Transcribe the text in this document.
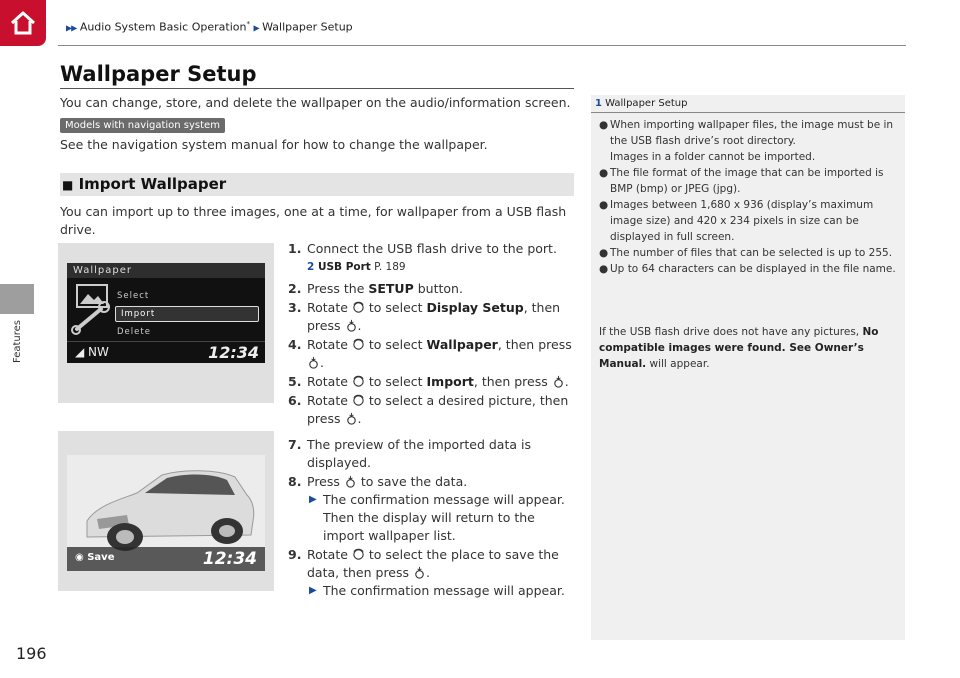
▶▶ Audio System Basic Operation* ▶ Wallpaper Setup
Features
196
Wallpaper Setup
You can change, store, and delete the wallpaper on the audio/information screen.
Models with navigation system
See the navigation system manual for how to change the wallpaper.
■ Import Wallpaper
You can import up to three images, one at a time, for wallpaper from a USB flash drive.
Wallpaper
Select
Import
Delete
◢ NW	12:34
◉ Save	12:34
1. Connect the USB flash drive to the port.
2 USB Port P. 189
2. Press the SETUP button.
3. Rotate  to select Display Setup, then press .
4. Rotate  to select Wallpaper, then press .
5. Rotate  to select Import, then press .
6. Rotate  to select a desired picture, then press .
7. The preview of the imported data is displayed.
8. Press  to save the data.
▶ The confirmation message will appear. Then the display will return to the import wallpaper list.
9. Rotate  to select the place to save the data, then press .
▶ The confirmation message will appear.
1 Wallpaper Setup
● When importing wallpaper files, the image must be in the USB flash drive’s root directory.
Images in a folder cannot be imported.
● The file format of the image that can be imported is BMP (bmp) or JPEG (jpg).
● Images between 1,680 x 936 (display’s maximum image size) and 420 x 234 pixels in size can be displayed in full screen.
● The number of files that can be selected is up to 255.
● Up to 64 characters can be displayed in the file name.
If the USB flash drive does not have any pictures, No compatible images were found. See Owner’s Manual. will appear.
